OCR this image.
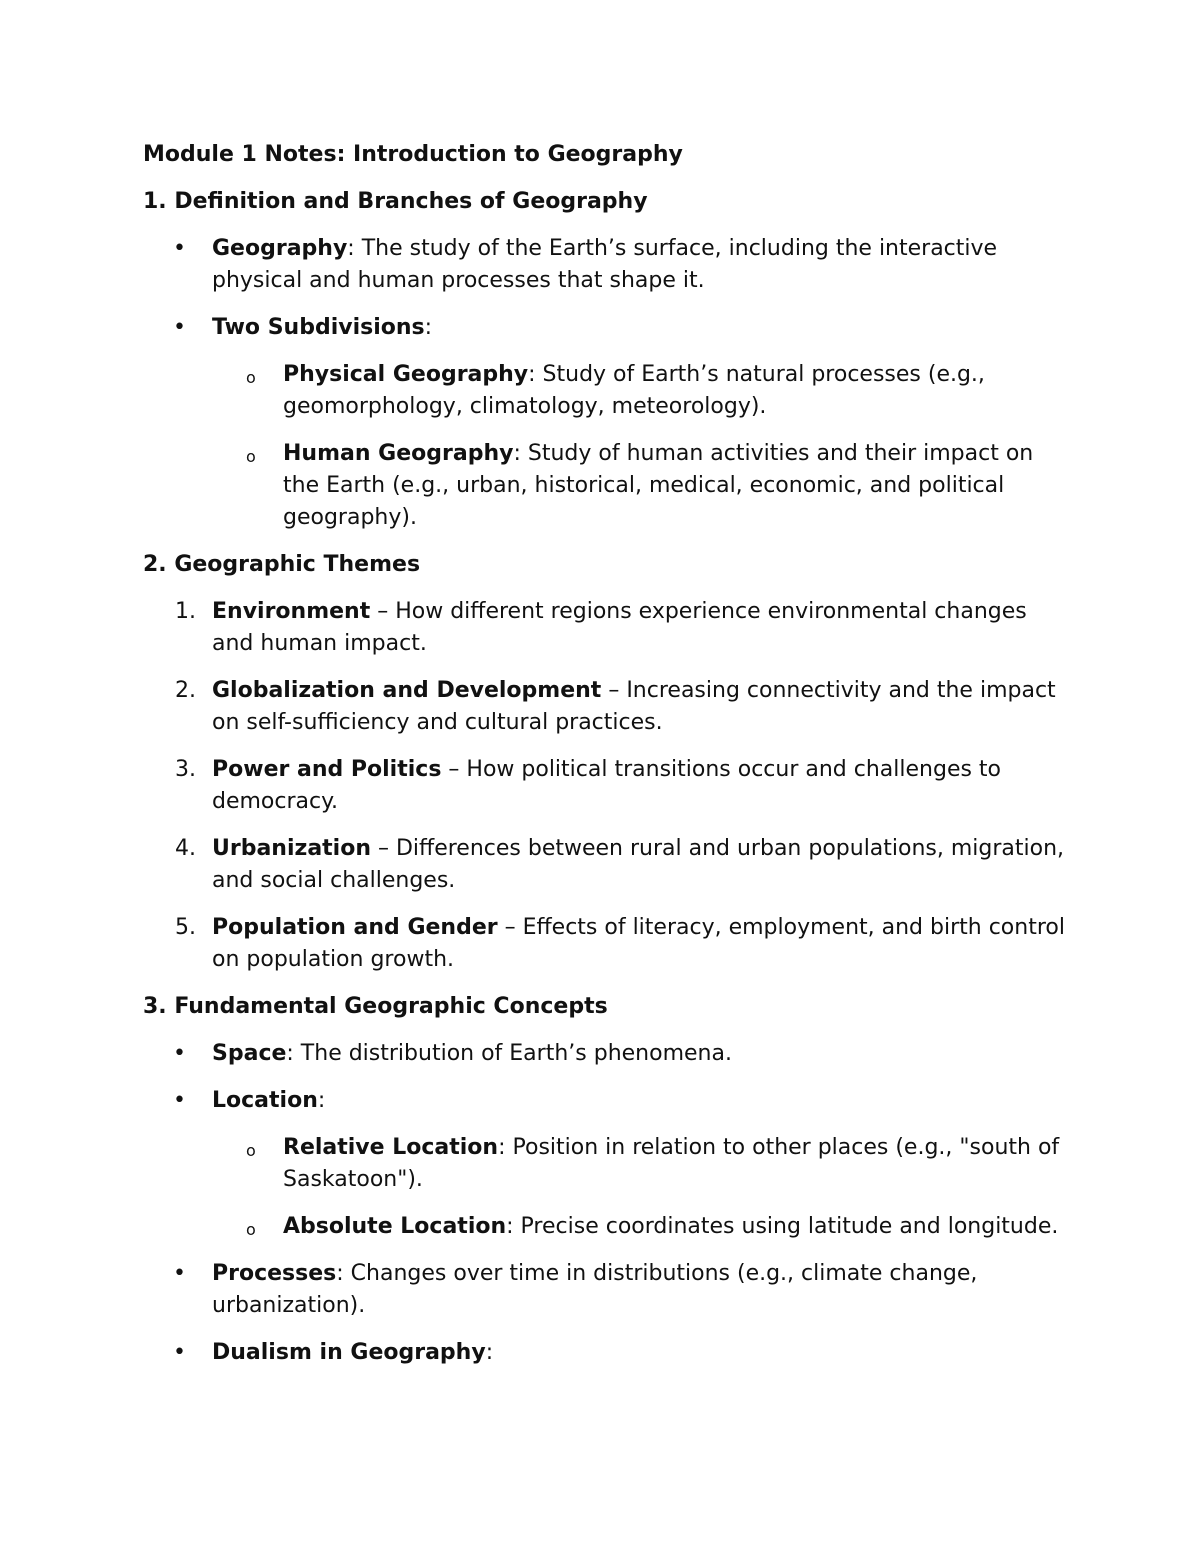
Module 1 Notes: Introduction to Geography
1. Definition and Branches of Geography
• Geography: The study of the Earth’s surface, including the interactive physical and human processes that shape it.
• Two Subdivisions:
o Physical Geography: Study of Earth’s natural processes (e.g., geomorphology, climatology, meteorology).
o Human Geography: Study of human activities and their impact on the Earth (e.g., urban, historical, medical, economic, and political geography).
2. Geographic Themes
1. Environment – How different regions experience environmental changes and human impact.
2. Globalization and Development – Increasing connectivity and the impact on self-sufficiency and cultural practices.
3. Power and Politics – How political transitions occur and challenges to democracy.
4. Urbanization – Differences between rural and urban populations, migration, and social challenges.
5. Population and Gender – Effects of literacy, employment, and birth control on population growth.
3. Fundamental Geographic Concepts
• Space: The distribution of Earth’s phenomena.
• Location:
o Relative Location: Position in relation to other places (e.g., "south of Saskatoon").
o Absolute Location: Precise coordinates using latitude and longitude.
• Processes: Changes over time in distributions (e.g., climate change, urbanization).
• Dualism in Geography:
